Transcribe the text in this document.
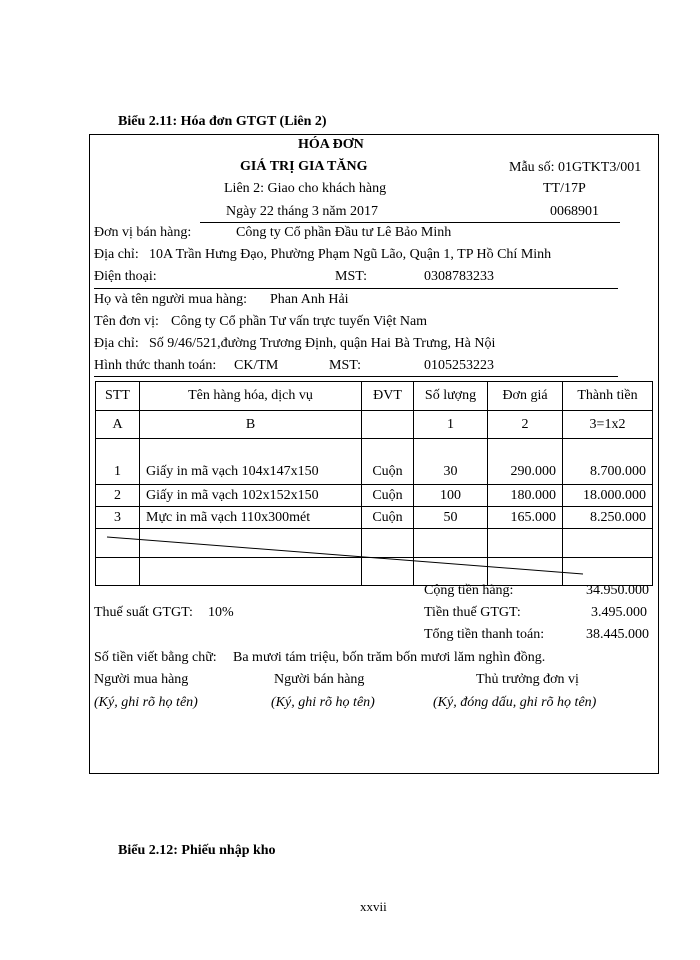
Biểu 2.11: Hóa đơn GTGT (Liên 2)
HÓA ĐƠN
GIÁ TRỊ GIA TĂNG
Liên 2: Giao cho khách hàng
Ngày 22 tháng 3 năm 2017
Mẫu số: 01GTKT3/001
TT/17P
0068901
Đơn vị bán hàng:	Công ty Cổ phần Đầu tư Lê Bảo Minh
Địa chỉ: 10A Trần Hưng Đạo, Phường Phạm Ngũ Lão, Quận 1, TP Hồ Chí Minh
Điện thoại:	MST:	0308783233
Họ và tên người mua hàng: Phan Anh Hải
Tên đơn vị: Công ty Cổ phần Tư vấn trực tuyến Việt Nam
Địa chỉ: Số 9/46/521,đường Trương Định, quận Hai Bà Trưng, Hà Nội
Hình thức thanh toán: CK/TM	MST:	0105253223
STT	Tên hàng hóa, dịch vụ	ĐVT	Số lượng	Đơn giá	Thành tiền
A	B		1	2	3=1x2
1	Giấy in mã vạch 104x147x150	Cuộn	30	290.000	8.700.000
2	Giấy in mã vạch 102x152x150	Cuộn	100	180.000	18.000.000
3	Mực in mã vạch 110x300mét	Cuộn	50	165.000	8.250.000

Cộng tiền hàng:	34.950.000
Thuế suất GTGT: 10%	Tiền thuế GTGT:	3.495.000
Tổng tiền thanh toán:	38.445.000
Số tiền viết bằng chữ: Ba mươi tám triệu, bốn trăm bốn mươi lăm nghìn đồng.
Người mua hàng	Người bán hàng	Thủ trưởng đơn vị
(Ký, ghi rõ họ tên)	(Ký, ghi rõ họ tên)	(Ký, đóng dấu, ghi rõ họ tên)
Biểu 2.12: Phiếu nhập kho
xxvii
